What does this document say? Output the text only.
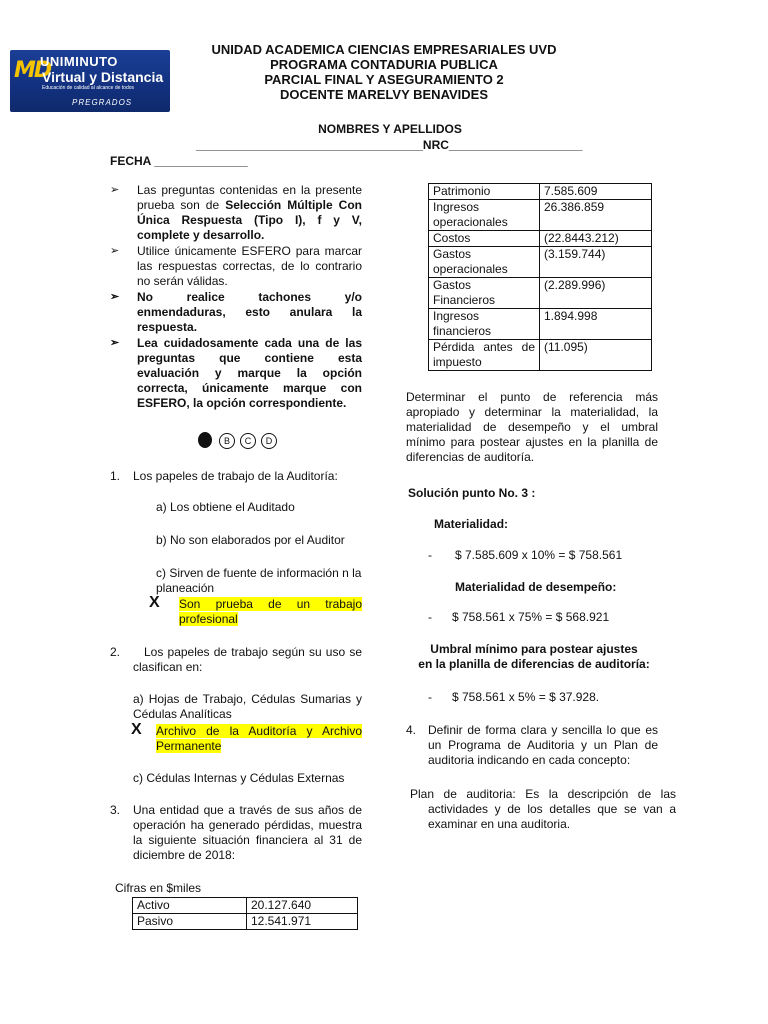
MD
UNIMINUTO
Virtual y Distancia
Educación de calidad al alcance de todos
PREGRADOS
UNIDAD ACADEMICA CIENCIAS EMPRESARIALES UVD
PROGRAMA CONTADURIA PUBLICA
PARCIAL FINAL Y ASEGURAMIENTO 2
DOCENTE MARELVY BENAVIDES
NOMBRES Y APELLIDOS
__________________________________NRC____________________
FECHA ______________
➢ Las preguntas contenidas en la presente prueba son de Selección Múltiple Con Única Respuesta (Tipo I), f y V, complete y desarrollo.
➢ Utilice únicamente ESFERO para marcar las respuestas correctas, de lo contrario no serán válidas.
➢ No realice tachones y/o enmendaduras, esto anulara la respuesta.
➢ Lea cuidadosamente cada una de las preguntas que contiene esta evaluación y marque la opción correcta, únicamente marque con ESFERO, la opción correspondiente.
B	C	D
1. Los papeles de trabajo de la Auditoría:
a) Los obtiene el Auditado
b) No son elaborados por el Auditor
c) Sirven de fuente de información n la planeación
X Son prueba de un trabajo profesional
2.	Los papeles de trabajo según su uso se clasifican en:
a) Hojas de Trabajo, Cédulas Sumarias y Cédulas Analíticas
X Archivo de la Auditoría y Archivo Permanente
c) Cédulas Internas y Cédulas Externas
3. Una entidad que a través de sus años de operación ha generado pérdidas, muestra la siguiente situación financiera al 31 de diciembre de 2018:
Cifras en $miles
Activo	20.127.640
Pasivo	12.541.971
Patrimonio	7.585.609
Ingresos operacionales	26.386.859
Costos	(22.8443.212)
Gastos operacionales	(3.159.744)
Gastos Financieros	(2.289.996)
Ingresos financieros	1.894.998
Pérdida antes de impuesto	(11.095)
Determinar el punto de referencia más apropiado y determinar la materialidad, la materialidad de desempeño y el umbral mínimo para postear ajustes en la planilla de diferencias de auditoría.
Solución punto No. 3 :
Materialidad:
- $ 7.585.609 x 10% = $ 758.561
Materialidad de desempeño:
- $ 758.561 x 75% = $ 568.921
Umbral mínimo para postear ajustes
en la planilla de diferencias de auditoría:
- $ 758.561 x 5% = $ 37.928.
4. Definir de forma clara y sencilla lo que es un Programa de Auditoria y un Plan de auditoria indicando en cada concepto:
Plan de auditoria: Es la descripción de las actividades y de los detalles que se van a examinar en una auditoria.
